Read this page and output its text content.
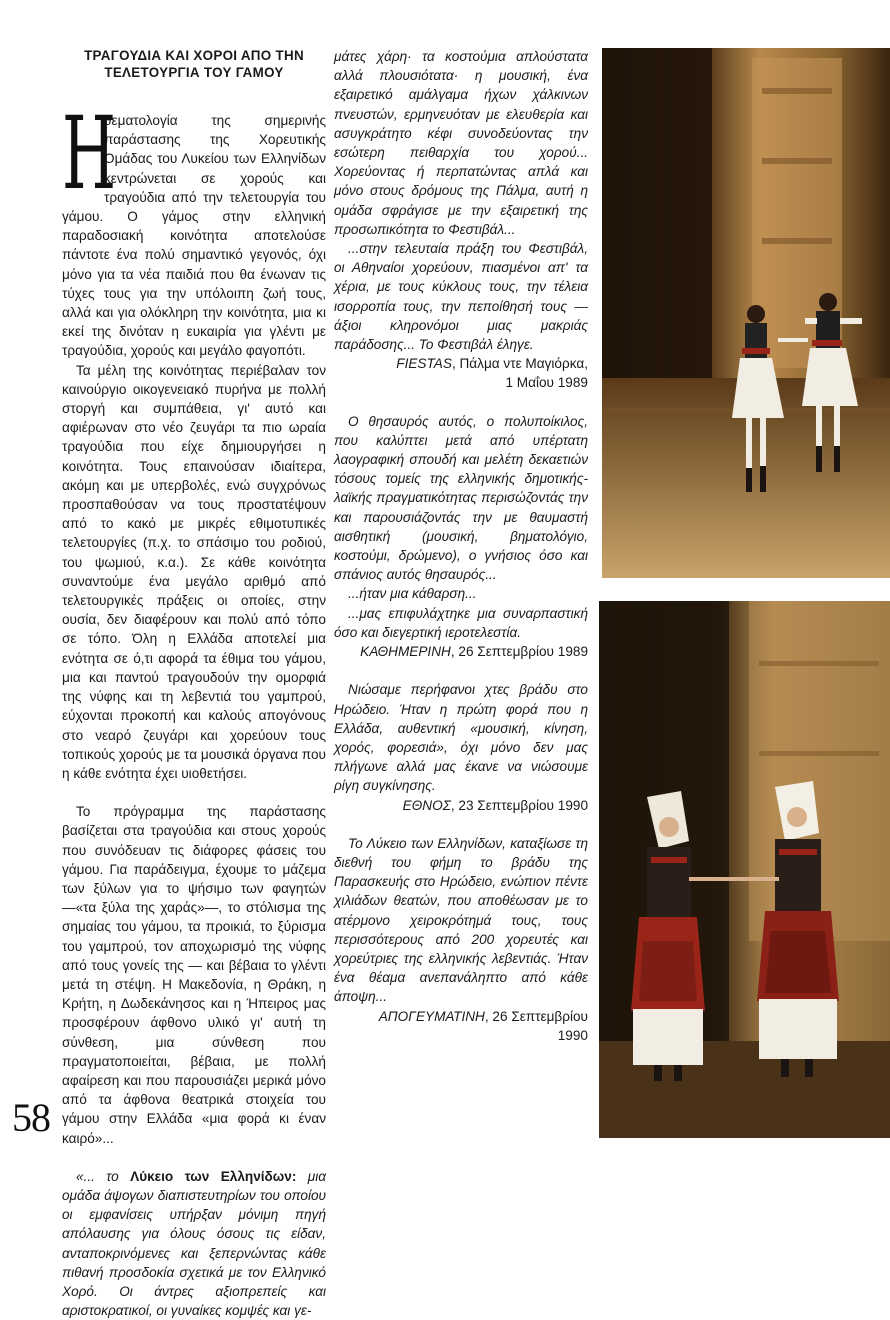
ΤΡΑΓΟΥΔΙΑ ΚΑΙ ΧΟΡΟΙ ΑΠΟ ΤΗΝ
ΤΕΛΕΤΟΥΡΓΙΑ ΤΟΥ ΓΑΜΟΥ

Η
θεματολογία της σημερινής παράστασης της Χορευτικής Ομάδας του Λυκείου των Ελληνίδων κεντρώνεται σε χορούς και τραγούδια από την τελετουργία του γάμου. Ο γάμος στην ελληνική παραδοσιακή κοινότητα αποτελούσε πάντοτε ένα πολύ σημαντικό γεγονός, όχι μόνο για τα νέα παιδιά που θα ένωναν τις τύχες τους για την υπόλοιπη ζωή τους, αλλά και για ολόκληρη την κοινότητα, μια κι εκεί της δινόταν η ευκαιρία για γλέντι με τραγούδια, χορούς και μεγάλο φαγοπότι.

Τα μέλη της κοινότητας περιέβαλαν τον καινούργιο οικογενειακό πυρήνα με πολλή στοργή και συμπάθεια, γι' αυτό και αφιέρωναν στο νέο ζευγάρι τα πιο ωραία τραγούδια που είχε δημιουργήσει η κοινότητα. Τους επαινούσαν ιδιαίτερα, ακόμη και με υπερβολές, ενώ συγχρόνως προσπαθούσαν να τους προστατέψουν από το κακό με μικρές εθιμοτυπικές τελετουργίες (π.χ. το σπάσιμο του ροδιού, του ψωμιού, κ.α.). Σε κάθε κοινότητα συναντούμε ένα μεγάλο αριθμό από τελετουργικές πράξεις οι οποίες, στην ουσία, δεν διαφέρουν και πολύ από τόπο σε τόπο. Όλη η Ελλάδα αποτελεί μια ενότητα σε ό,τι αφορά τα έθιμα του γάμου, μια και παντού τραγουδούν την ομορφιά της νύφης και τη λεβεντιά του γαμπρού, εύχονται προκοπή και καλούς απογόνους στο νεαρό ζευγάρι και χορεύουν τους τοπικούς χορούς με τα μουσικά όργανα που η κάθε ενότητα έχει υιοθετήσει.

Το πρόγραμμα της παράστασης βασίζεται στα τραγούδια και στους χορούς που συνόδευαν τις διάφορες φάσεις του γάμου. Για παράδειγμα, έχουμε το μάζεμα των ξύλων για το ψήσιμο των φαγητών —«τα ξύλα της χαράς»—, το στόλισμα της σημαίας του γάμου, τα προικιά, το ξύρισμα του γαμπρού, τον αποχωρισμό της νύφης από τους γονείς της — και βέβαια το γλέντι μετά τη στέψη. Η Μακεδονία, η Θράκη, η Κρήτη, η Δωδεκάνησος και η Ήπειρος μας προσφέρουν άφθονο υλικό γι' αυτή τη σύνθεση, μια σύνθεση που πραγματοποιείται, βέβαια, με πολλή αφαίρεση και που παρουσιάζει μερικά μόνο από τα άφθονα θεατρικά στοιχεία του γάμου στην Ελλάδα «μια φορά κι έναν καιρό»...

«... το Λύκειο των Ελληνίδων: μια ομάδα άψογων διαπιστευτηρίων του οποίου οι εμφανίσεις υπήρξαν μόνιμη πηγή απόλαυσης για όλους όσους τις είδαν, ανταποκρινόμενες και ξεπερνώντας κάθε πιθανή προσδοκία σχετικά με τον Ελληνικό Χορό. Οι άντρες αξιοπρεπείς και αριστοκρατικοί, οι γυναίκες κομψές και γε-

μάτες χάρη· τα κοστούμια απλούστατα αλλά πλουσιότατα· η μουσική, ένα εξαιρετικό αμάλγαμα ήχων χάλκινων πνευστών, ερμηνευόταν με ελευθερία και ασυγκράτητο κέφι συνοδεύοντας την εσώτερη πειθαρχία του χορού... Χορεύοντας ή περπατώντας απλά και μόνο στους δρόμους της Πάλμα, αυτή η ομάδα σφράγισε με την εξαιρετική της προσωπικότητα το Φεστιβάλ...

...στην τελευταία πράξη του Φεστιβάλ, οι Αθηναίοι χορεύουν, πιασμένοι απ' τα χέρια, με τους κύκλους τους, την τέλεια ισορροπία τους, την πεποίθησή τους — άξιοι κληρονόμοι μιας μακριάς παράδοσης... Το Φεστιβάλ έληγε.

FIESTAS, Πάλμα ντε Μαγιόρκα,

1 Μαΐου 1989

Ο θησαυρός αυτός, ο πολυποίκιλος, που καλύπτει μετά από υπέρτατη λαογραφική σπουδή και μελέτη δεκαετιών τόσους τομείς της ελληνικής δημοτικής-λαϊκής πραγματικότητας περισώζοντάς την και παρουσιάζοντάς την με θαυμαστή αισθητική (μουσική, βηματολόγιο, κοστούμι, δρώμενο), ο γνήσιος όσο και σπάνιος αυτός θησαυρός...

...ήταν μια κάθαρση...

...μας επιφυλάχτηκε μια συναρπαστική όσο και διεγερτική ιεροτελεστία.

ΚΑΘΗΜΕΡΙΝΗ, 26 Σεπτεμβρίου 1989

Νιώσαμε περήφανοι χτες βράδυ στο Ηρώδειο. Ήταν η πρώτη φορά που η Ελλάδα, αυθεντική «μουσική, κίνηση, χορός, φορεσιά», όχι μόνο δεν μας πλήγωνε αλλά μας έκανε να νιώσουμε ρίγη συγκίνησης.

ΕΘΝΟΣ, 23 Σεπτεμβρίου 1990

Το Λύκειο των Ελληνίδων, καταξίωσε τη διεθνή του φήμη το βράδυ της Παρασκευής στο Ηρώδειο, ενώπιον πέντε χιλιάδων θεατών, που αποθέωσαν με το ατέρμονο χειροκρότημά τους, τους περισσότερους από 200 χορευτές και χορεύτριες της ελληνικής λεβεντιάς. Ήταν ένα θέαμα ανεπανάληπτο από κάθε άποψη...

ΑΠΟΓΕΥΜΑΤΙΝΗ, 26 Σεπτεμβρίου

1990

58
